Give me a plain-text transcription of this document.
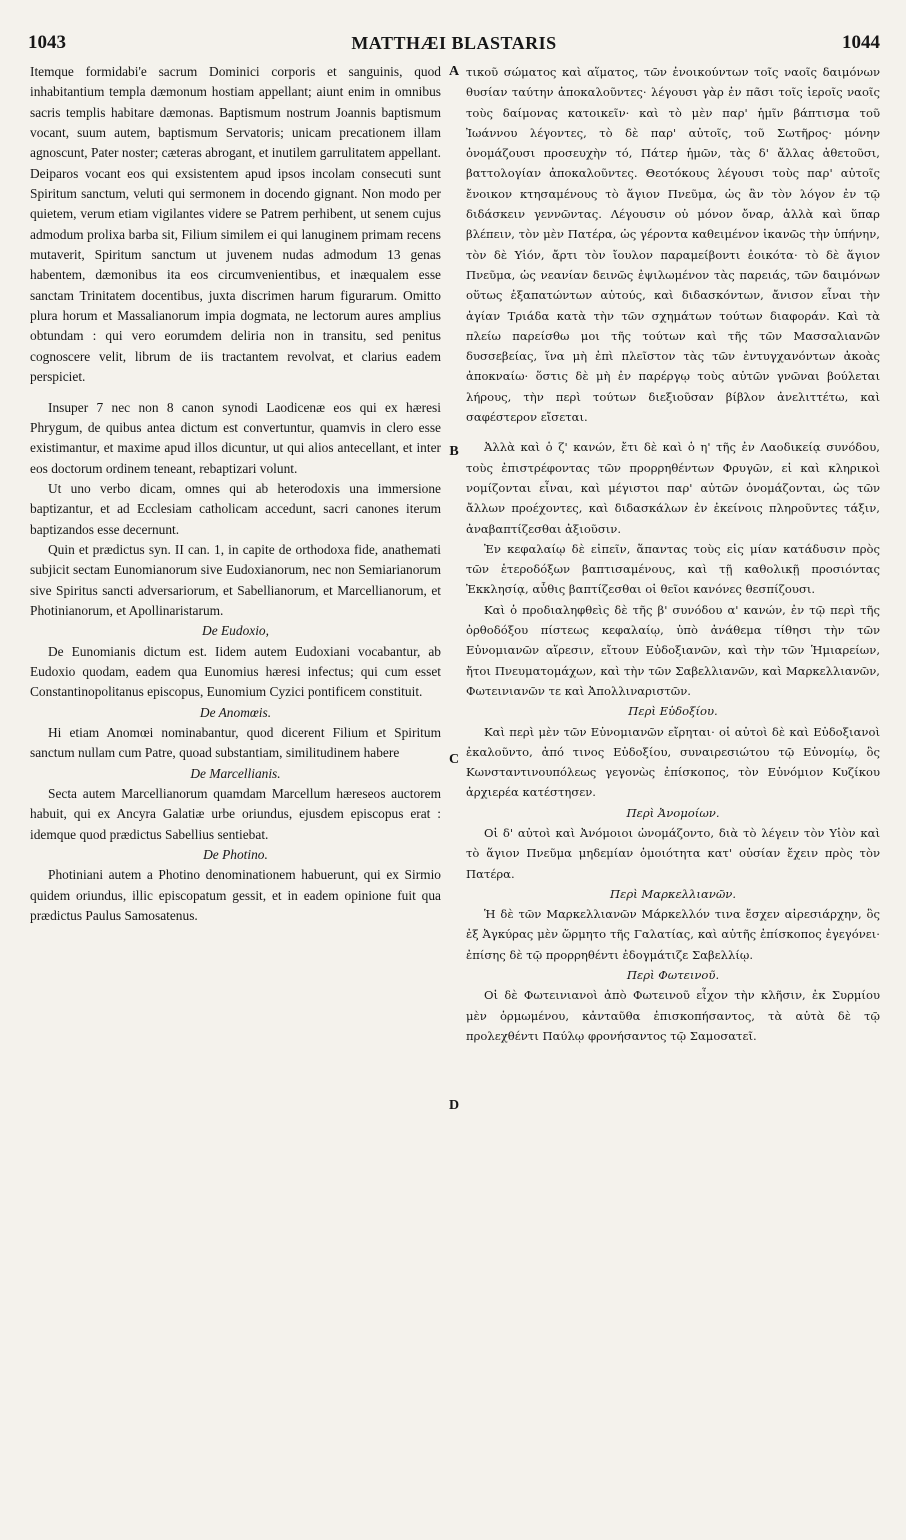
1043	MATTHÆI BLASTARIS	1044
A
B
C
D

Itemque formidabi'e sacrum Dominici corporis et sanguinis, quod inhabitantium templa dæmonum hostiam appellant; aiunt enim in omnibus sacris templis habitare dæmonas. Baptismum nostrum Joannis baptismum vocant, suum autem, baptismum Servatoris; unicam precationem illam agnoscunt, Pater noster; cæteras abrogant, et inutilem garrulitatem appellant. Deiparos vocant eos qui exsistentem apud ipsos incolam consecuti sunt Spiritum sanctum, veluti qui sermonem in docendo gignant. Non modo per quietem, verum etiam vigilantes videre se Patrem perhibent, ut senem cujus admodum prolixa barba sit, Filium similem ei qui lanuginem primam recens mutaverit, Spiritum sanctum ut juvenem nudas admodum 13 genas habentem, dæmonibus ita eos circumvenientibus, et inæqualem esse sanctam Trinitatem docentibus, juxta discrimen harum figurarum. Omitto plura horum et Massalianorum impia dogmata, ne lectorum aures amplius obtundam : qui vero eorumdem deliria non in transitu, sed penitus cognoscere velit, librum de iis tractantem revolvat, et clarius eadem perspiciet.

Insuper 7 nec non 8 canon synodi Laodicenæ eos qui ex hæresi Phrygum, de quibus antea dictum est convertuntur, quamvis in clero esse existimantur, et maxime apud illos dicuntur, ut qui alios antecellant, et inter eos doctorum ordinem teneant, rebaptizari volunt.

Ut uno verbo dicam, omnes qui ab heterodoxis una immersione baptizantur, et ad Ecclesiam catholicam accedunt, sacri canones iterum baptizandos esse decernunt.

Quin et prædictus syn. II can. 1, in capite de orthodoxa fide, anathemati subjicit sectam Eunomianorum sive Eudoxianorum, nec non Semiarianorum sive Spiritus sancti adversariorum, et Sabellianorum, et Marcellianorum, et Photinianorum, et Apollinaristarum.

De Eudoxio,

De Eunomianis dictum est. Iidem autem Eudoxiani vocabantur, ab Eudoxio quodam, eadem qua Eunomius hæresi infectus; qui cum esset Constantinopolitanus episcopus, Eunomium Cyzici pontificem constituit.

De Anomœis.

Hi etiam Anomœi nominabantur, quod dicerent Filium et Spiritum sanctum nullam cum Patre, quoad substantiam, similitudinem habere

De Marcellianis.

Secta autem Marcellianorum quamdam Marcellum hæreseos auctorem habuit, qui ex Ancyra Galatiæ urbe oriundus, ejusdem episcopus erat : idemque quod prædictus Sabellius sentiebat.

De Photino.

Photiniani autem a Photino denominationem habuerunt, qui ex Sirmio quidem oriundus, illic episcopatum gessit, et in eadem opinione fuit qua prædictus Paulus Samosatenus.

τικοῦ σώματος καὶ αἵματος, τῶν ἐνοικούντων τοῖς ναοῖς δαιμόνων θυσίαν ταύτην ἀποκαλοῦντες· λέγουσι γὰρ ἐν πᾶσι τοῖς ἱεροῖς ναοῖς τοὺς δαίμονας κατοικεῖν· καὶ τὸ μὲν παρ' ἡμῖν βάπτισμα τοῦ Ἰωάννου λέγοντες, τὸ δὲ παρ' αὐτοῖς, τοῦ Σωτῆρος· μόνην ὀνομάζουσι προσευχὴν τό, Πάτερ ἡμῶν, τὰς δ' ἄλλας ἀθετοῦσι, βαττολογίαν ἀποκαλοῦντες. Θεοτόκους λέγουσι τοὺς παρ' αὐτοῖς ἔνοικον κτησαμένους τὸ ἅγιον Πνεῦμα, ὡς ἂν τὸν λόγον ἐν τῷ διδάσκειν γεννῶντας. Λέγουσιν οὐ μόνον ὄναρ, ἀλλὰ καὶ ὕπαρ βλέπειν, τὸν μὲν Πατέρα, ὡς γέροντα καθειμένον ἱκανῶς τὴν ὑπήνην, τὸν δὲ Υἱόν, ἄρτι τὸν ἴουλον παραμείβοντι ἐοικότα· τὸ δὲ ἅγιον Πνεῦμα, ὡς νεανίαν δεινῶς ἐψιλωμένον τὰς παρειάς, τῶν δαιμόνων οὕτως ἐξαπατώντων αὐτούς, καὶ διδασκόντων, ἄνισον εἶναι τὴν ἁγίαν Τριάδα κατὰ τὴν τῶν σχημάτων τούτων διαφοράν. Καὶ τὰ πλείω παρείσθω μοι τῆς τούτων καὶ τῆς τῶν Μασσαλιανῶν δυσσεβείας, ἵνα μὴ ἐπὶ πλεῖστον τὰς τῶν ἐντυγχανόντων ἀκοὰς ἀποκναίω· ὅστις δὲ μὴ ἐν παρέργῳ τοὺς αὐτῶν γνῶναι βούλεται λήρους, τὴν περὶ τούτων διεξιοῦσαν βίβλον ἀνελιττέτω, καὶ σαφέστερον εἴσεται.

Ἀλλὰ καὶ ὁ ζ' κανών, ἔτι δὲ καὶ ὁ η' τῆς ἐν Λαοδικείᾳ συνόδου, τοὺς ἐπιστρέφοντας τῶν προρρηθέντων Φρυγῶν, εἰ καὶ κληρικοὶ νομίζονται εἶναι, καὶ μέγιστοι παρ' αὐτῶν ὀνομάζονται, ὡς τῶν ἄλλων προέχοντες, καὶ διδασκάλων ἐν ἐκείνοις πληροῦντες τάξιν, ἀναβαπτίζεσθαι ἀξιοῦσιν.

Ἐν κεφαλαίῳ δὲ εἰπεῖν, ἅπαντας τοὺς εἰς μίαν κατάδυσιν πρὸς τῶν ἑτεροδόξων βαπτισαμένους, καὶ τῇ καθολικῇ προσιόντας Ἐκκλησίᾳ, αὖθις βαπτίζεσθαι οἱ θεῖοι κανόνες θεσπίζουσι.

Καὶ ὁ προδιαληφθεὶς δὲ τῆς β' συνόδου α' κανών, ἐν τῷ περὶ τῆς ὀρθοδόξου πίστεως κεφαλαίῳ, ὑπὸ ἀνάθεμα τίθησι τὴν τῶν Εὐνομιανῶν αἵρεσιν, εἴτουν Εὐδοξιανῶν, καὶ τὴν τῶν Ἡμιαρείων, ἤτοι Πνευματομάχων, καὶ τὴν τῶν Σαβελλιανῶν, καὶ Μαρκελλιανῶν, Φωτεινιανῶν τε καὶ Ἀπολλιναριστῶν.

Περὶ Εὐδοξίου.

Καὶ περὶ μὲν τῶν Εὐνομιανῶν εἴρηται· οἱ αὐτοὶ δὲ καὶ Εὐδοξιανοὶ ἐκαλοῦντο, ἀπό τινος Εὐδοξίου, συναιρεσιώτου τῷ Εὐνομίῳ, ὃς Κωνσταντινουπόλεως γεγονὼς ἐπίσκοπος, τὸν Εὐνόμιον Κυζίκου ἀρχιερέα κατέστησεν.

Περὶ Ἀνομοίων.

Οἱ δ' αὐτοὶ καὶ Ἀνόμοιοι ὠνομάζοντο, διὰ τὸ λέγειν τὸν Υἱὸν καὶ τὸ ἅγιον Πνεῦμα μηδεμίαν ὁμοιότητα κατ' οὐσίαν ἔχειν πρὸς τὸν Πατέρα.

Περὶ Μαρκελλιανῶν.

Ἡ δὲ τῶν Μαρκελλιανῶν Μάρκελλόν τινα ἔσχεν αἱρεσιάρχην, ὃς ἐξ Ἀγκύρας μὲν ὥρμητο τῆς Γαλατίας, καὶ αὐτῆς ἐπίσκοπος ἐγεγόνει· ἐπίσης δὲ τῷ προρρηθέντι ἐδογμάτιζε Σαβελλίῳ.

Περὶ Φωτεινοῦ.

Οἱ δὲ Φωτεινιανοὶ ἀπὸ Φωτεινοῦ εἶχον τὴν κλῆσιν, ἐκ Συρμίου μὲν ὁρμωμένου, κἀνταῦθα ἐπισκοπήσαντος, τὰ αὐτὰ δὲ τῷ προλεχθέντι Παύλῳ φρονήσαντος τῷ Σαμοσατεῖ.
